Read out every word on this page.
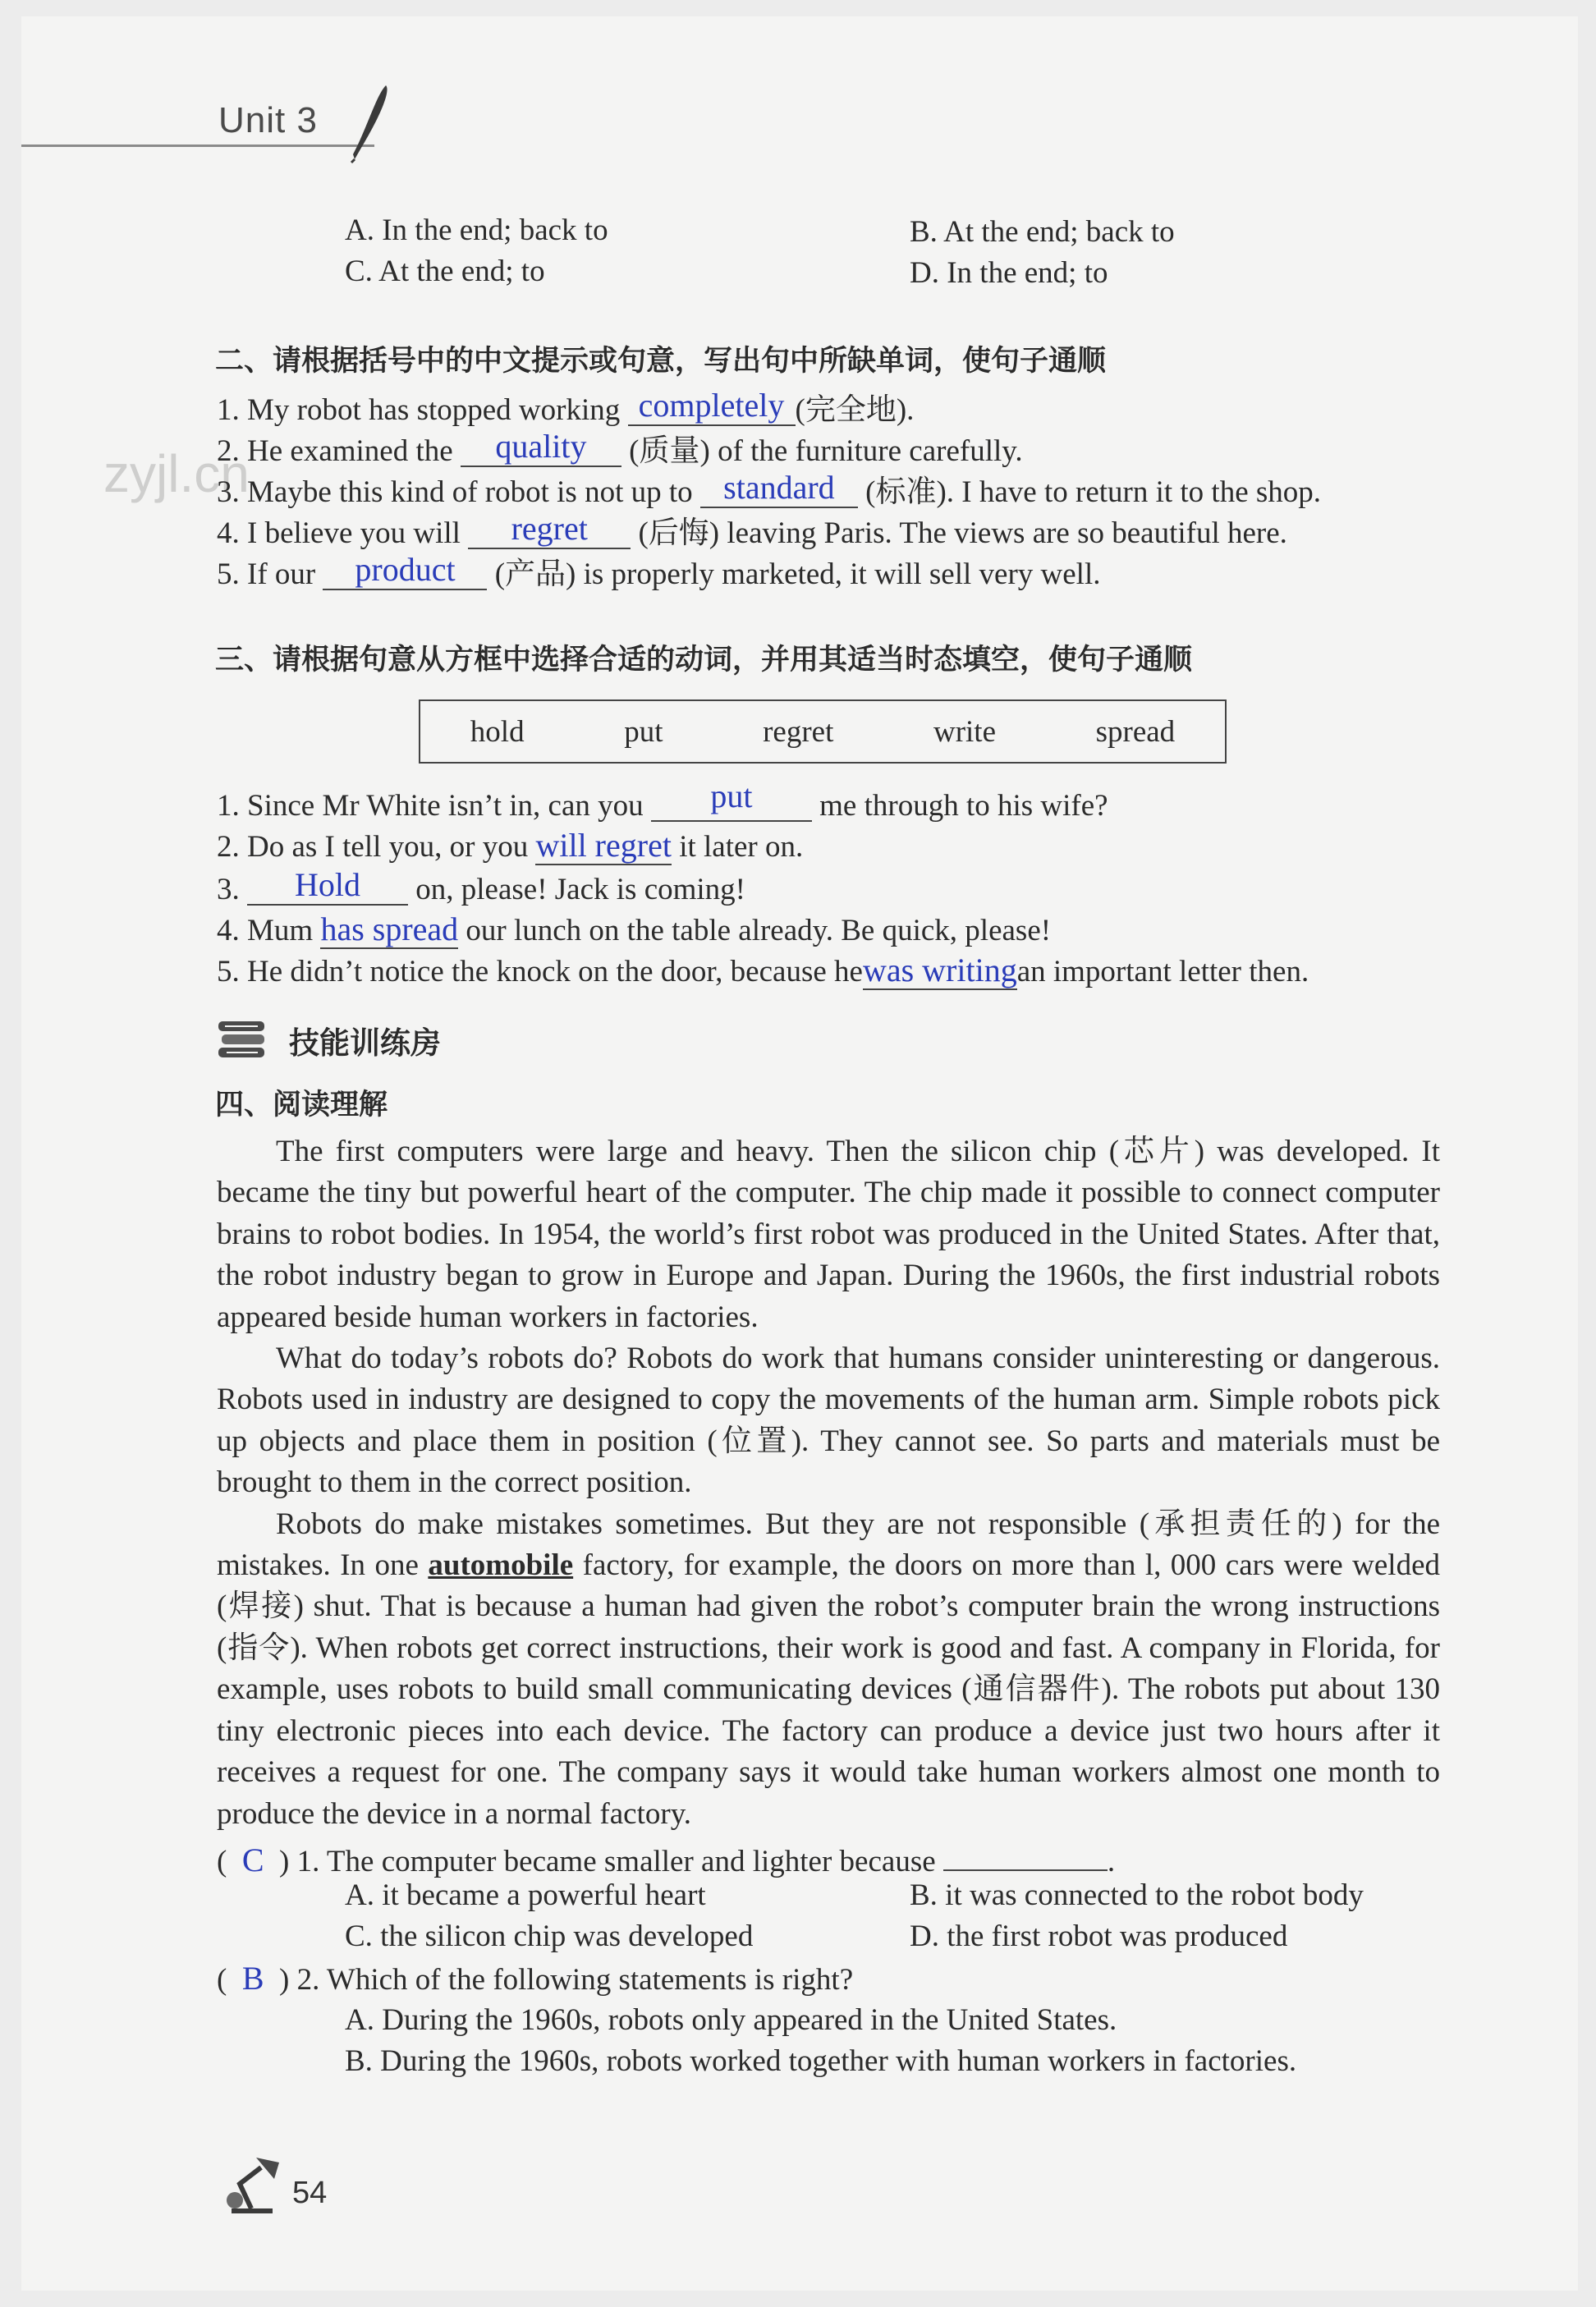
Unit 3
zyjl.cn
A. In the end; back to	B. At the end; back to
C. At the end; to	D. In the end; to
二、请根据括号中的中文提示或句意，写出句中所缺单词，使句子通顺
1. My robot has stopped working completely (完全地).
2. He examined the quality (质量) of the furniture carefully.
3. Maybe this kind of robot is not up to standard (标准). I have to return it to the shop.
4. I believe you will regret (后悔) leaving Paris. The views are so beautiful here.
5. If our product (产品) is properly marketed, it will sell very well.
三、请根据句意从方框中选择合适的动词，并用其适当时态填空，使句子通顺
hold	put	regret	write	spread
1. Since Mr White isn’t in, can you put me through to his wife?
2. Do as I tell you, or you will regret it later on.
3. Hold on, please! Jack is coming!
4. Mum has spread our lunch on the table already. Be quick, please!
5. He didn’t notice the knock on the door, because hewas writingan important letter then.
技能训练房
四、阅读理解

The first computers were large and heavy. Then the silicon chip (芯片) was developed. It became the tiny but powerful heart of the computer. The chip made it possible to connect computer brains to robot bodies. In 1954, the world’s first robot was produced in the United States. After that, the robot industry began to grow in Europe and Japan. During the 1960s, the first industrial robots appeared beside human workers in factories.

What do today’s robots do? Robots do work that humans consider uninteresting or dangerous. Robots used in industry are designed to copy the movements of the human arm. Simple robots pick up objects and place them in position (位置). They cannot see. So parts and materials must be brought to them in the correct position.

Robots do make mistakes sometimes. But they are not responsible (承担责任的) for the mistakes. In one automobile factory, for example, the doors on more than l, 000 cars were welded (焊接) shut. That is because a human had given the robot’s computer brain the wrong instructions (指令). When robots get correct instructions, their work is good and fast. A company in Florida, for example, uses robots to build small communicating devices (通信器件). The robots put about 130 tiny electronic pieces into each device. The factory can produce a device just two hours after it receives a request for one. The company says it would take human workers almost one month to produce the device in a normal factory.

(  C ) 1. The computer became smaller and lighter because	.
A. it became a powerful heart	B. it was connected to the robot body
C. the silicon chip was developed	D. the first robot was produced
(  B ) 2. Which of the following statements is right?
A. During the 1960s, robots only appeared in the United States.
B. During the 1960s, robots worked together with human workers in factories.
54
